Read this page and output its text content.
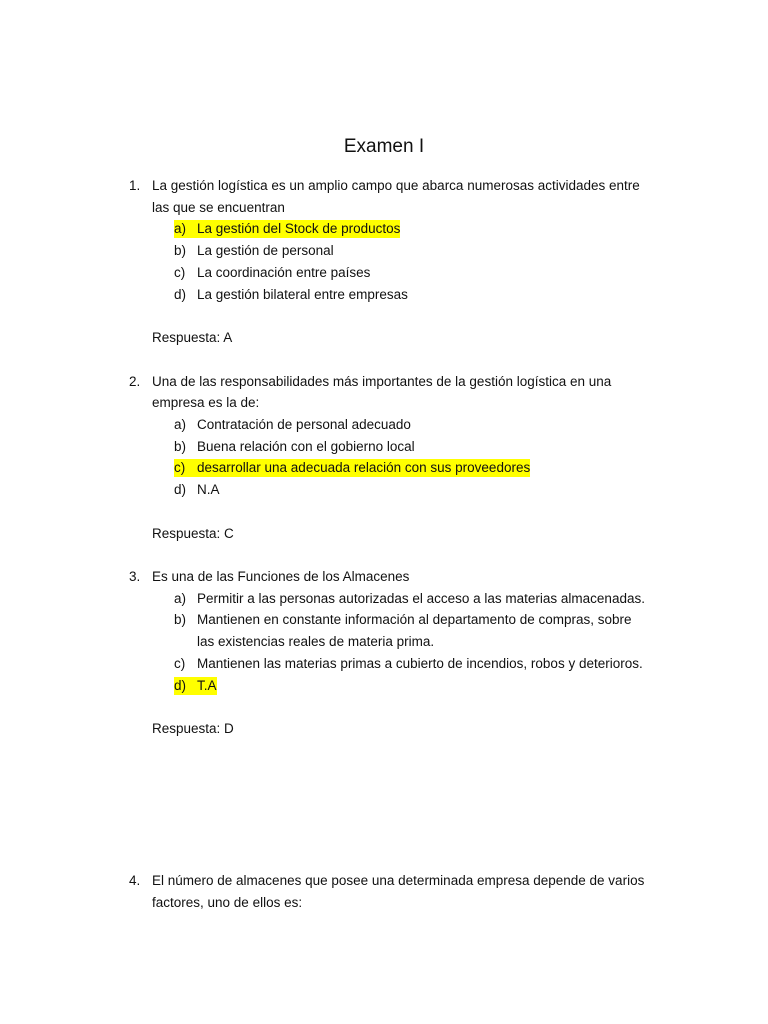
Examen I
1. La gestión logística es un amplio campo que abarca numerosas actividades entre
las que se encuentran
a) La gestión del Stock de productos
b) La gestión de personal
c) La coordinación entre países
d) La gestión bilateral entre empresas
Respuesta: A
2. Una de las responsabilidades más importantes de la gestión logística en una
empresa es la de:
a) Contratación de personal adecuado
b) Buena relación con el gobierno local
c) desarrollar una adecuada relación con sus proveedores
d) N.A
Respuesta: C
3. Es una de las Funciones de los Almacenes
a) Permitir a las personas autorizadas el acceso a las materias almacenadas.
b) Mantienen en constante información al departamento de compras, sobre
las existencias reales de materia prima.
c) Mantienen las materias primas a cubierto de incendios, robos y deterioros.
d) T.A
Respuesta: D
4. El número de almacenes que posee una determinada empresa depende de varios
factores, uno de ellos es:
